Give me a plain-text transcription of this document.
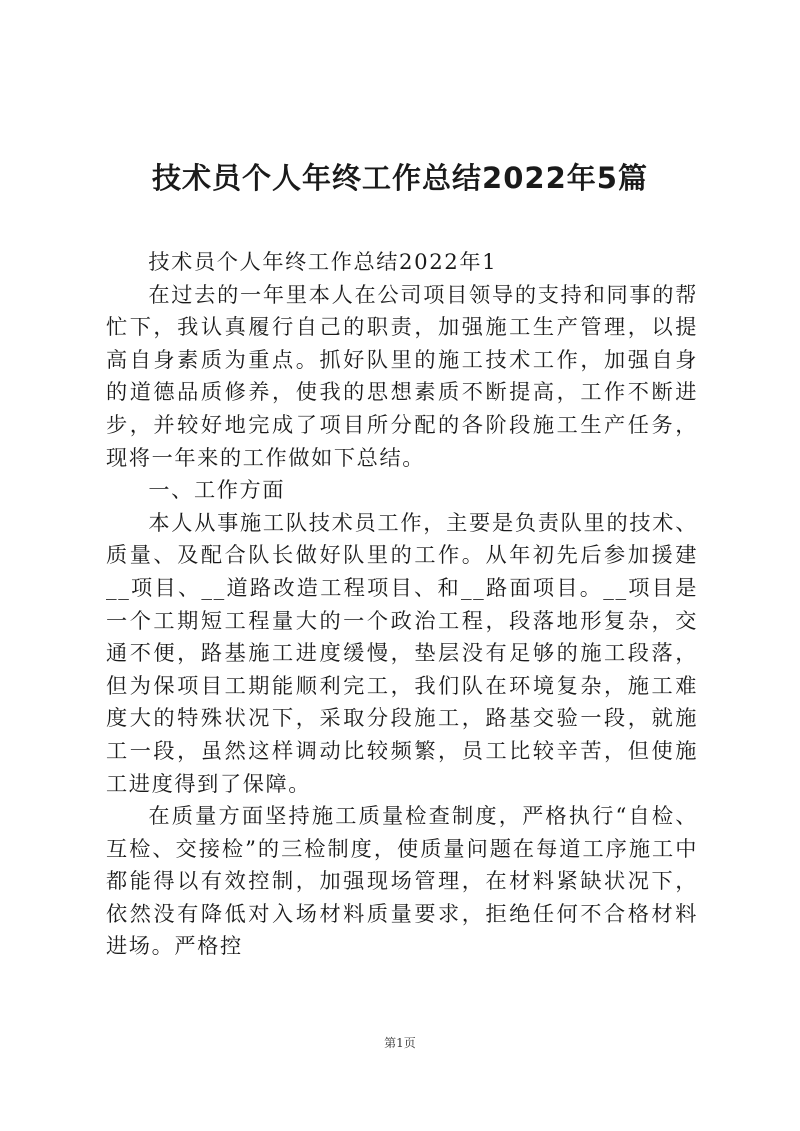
技术员个人年终工作总结2022年5篇

技术员个人年终工作总结2022年1

在过去的一年里本人在公司项目领导的支持和同事的帮忙下，我认真履行自己的职责，加强施工生产管理，以提高自身素质为重点。抓好队里的施工技术工作，加强自身的道德品质修养，使我的思想素质不断提高，工作不断进步，并较好地完成了项目所分配的各阶段施工生产任务，现将一年来的工作做如下总结。

一、工作方面

本人从事施工队技术员工作，主要是负责队里的技术、质量、及配合队长做好队里的工作。从年初先后参加援建__项目、__道路改造工程项目、和__路面项目。__项目是一个工期短工程量大的一个政治工程，段落地形复杂，交通不便，路基施工进度缓慢，垫层没有足够的施工段落，但为保项目工期能顺利完工，我们队在环境复杂，施工难度大的特殊状况下，采取分段施工，路基交验一段，就施工一段，虽然这样调动比较频繁，员工比较辛苦，但使施工进度得到了保障。

在质量方面坚持施工质量检查制度，严格执行“自检、互检、交接检”的三检制度，使质量问题在每道工序施工中都能得以有效控制，加强现场管理，在材料紧缺状况下，依然没有降低对入场材料质量要求，拒绝任何不合格材料进场。严格控

第1页
